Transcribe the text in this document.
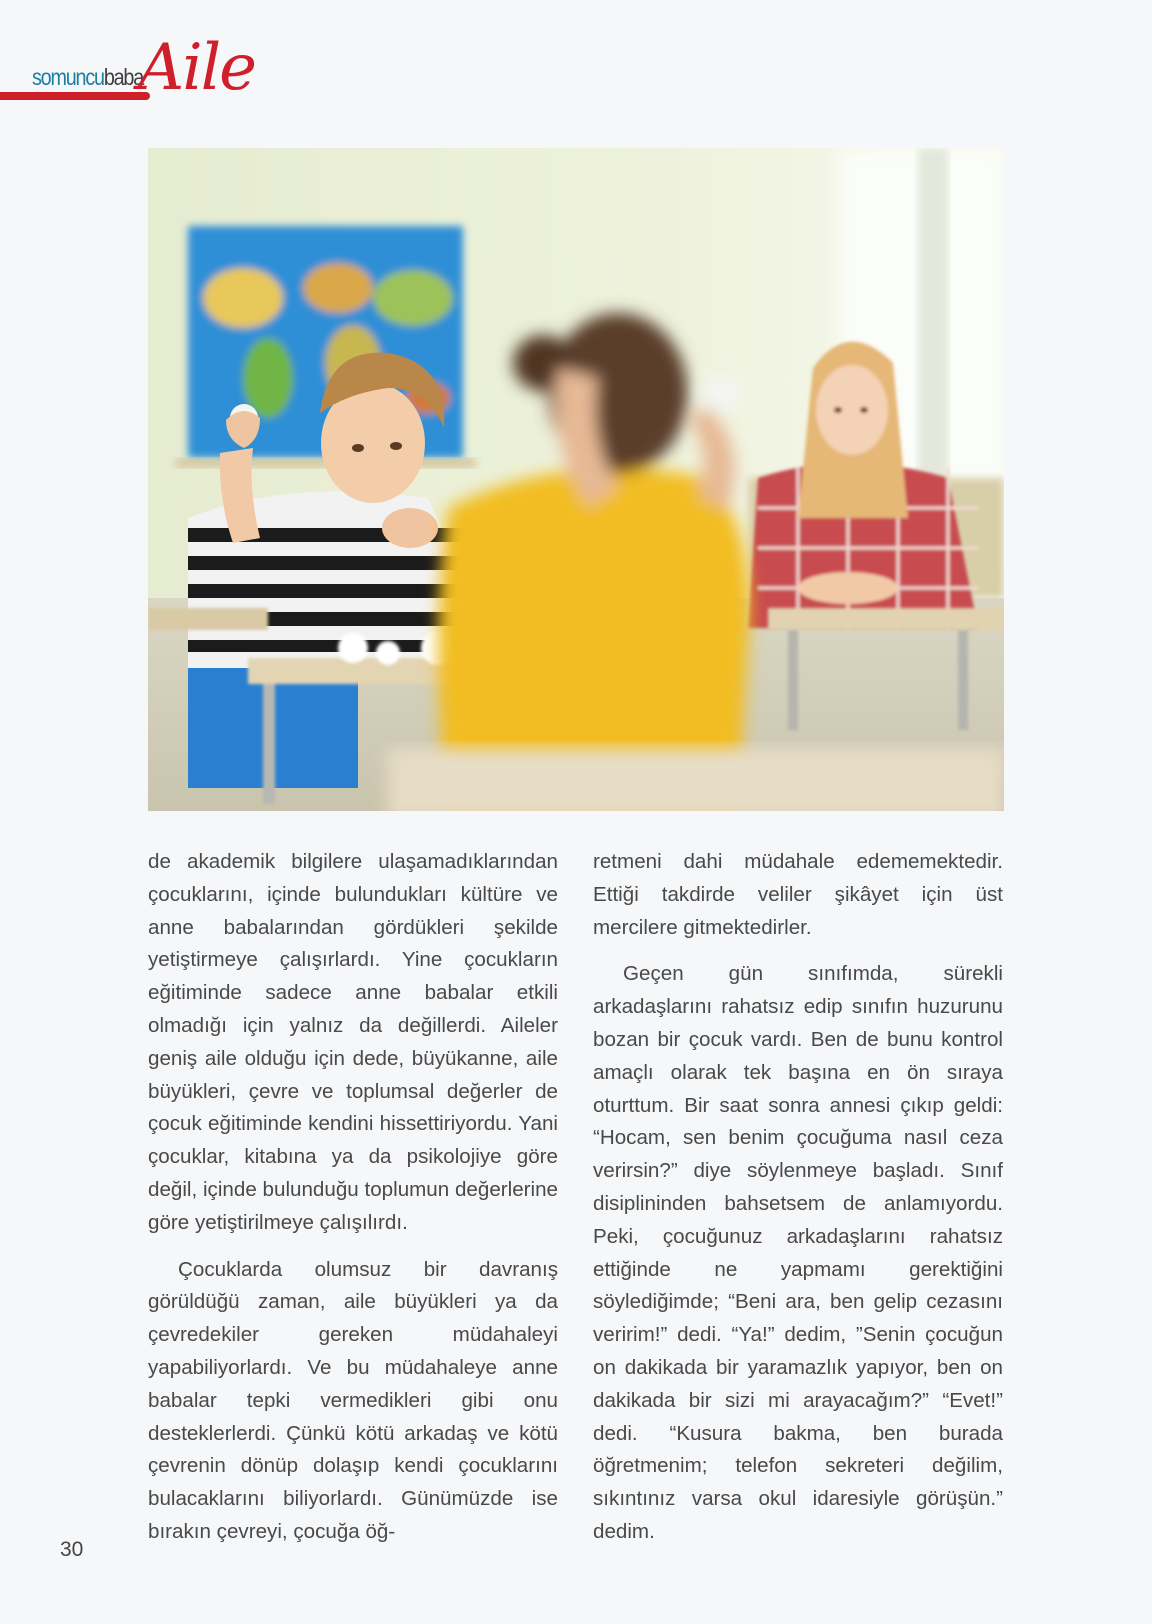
somuncubaba
Aile

de akademik bilgilere ulaşamadıklarından çocuklarını, içinde bulundukları kültüre ve anne babalarından gördükleri şekilde yetiştirmeye çalışırlardı. Yine çocukların eğitiminde sadece anne babalar etkili olmadığı için yalnız da değillerdi. Aileler geniş aile olduğu için dede, büyükanne, aile büyükleri, çevre ve toplumsal değerler de çocuk eğitiminde kendini hissettiriyordu. Yani çocuklar, kitabına ya da psikolojiye göre değil, içinde bulunduğu toplumun değerlerine göre yetiştirilmeye çalışılırdı.

Çocuklarda olumsuz bir davranış görüldüğü zaman, aile büyükleri ya da çevredekiler gereken müdahaleyi yapabiliyorlardı. Ve bu müdahaleye anne babalar tepki vermedikleri gibi onu desteklerlerdi. Çünkü kötü arkadaş ve kötü çevrenin dönüp dolaşıp kendi çocuklarını bulacaklarını biliyorlardı. Günümüzde ise bırakın çevreyi, çocuğa öğ-

retmeni dahi müdahale edememektedir. Ettiği takdirde veliler şikâyet için üst mercilere gitmektedirler.

Geçen gün sınıfımda, sürekli arkadaşlarını rahatsız edip sınıfın huzurunu bozan bir çocuk vardı. Ben de bunu kontrol amaçlı olarak tek başına en ön sıraya oturttum. Bir saat sonra annesi çıkıp geldi: “Hocam, sen benim çocuğuma nasıl ceza verirsin?” diye söylenmeye başladı. Sınıf disiplininden bahsetsem de anlamıyordu. Peki, çocuğunuz arkadaşlarını rahatsız ettiğinde ne yapmamı gerektiğini söylediğimde; “Beni ara, ben gelip cezasını veririm!” dedi. “Ya!” dedim, ”Senin çocuğun on dakikada bir yaramazlık yapıyor, ben on dakikada bir sizi mi arayacağım?” “Evet!” dedi. “Kusura bakma, ben burada öğretmenim; telefon sekreteri değilim, sıkıntınız varsa okul idaresiyle görüşün.” dedim.

30
